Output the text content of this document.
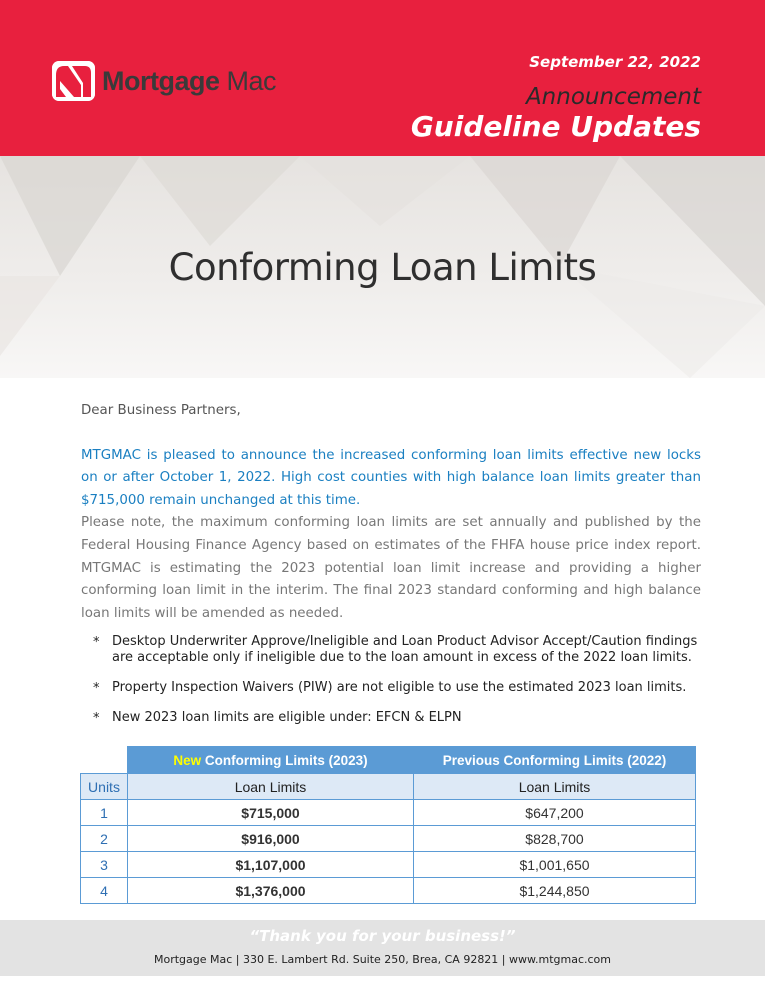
Mortgage Mac
September 22, 2022
Announcement
Guideline Updates
Conforming Loan Limits

Dear Business Partners,

MTGMAC is pleased to announce the increased conforming loan limits effective new locks on or after October 1, 2022. High cost counties with high balance loan limits greater than $715,000 remain unchanged at this time.

Please note, the maximum conforming loan limits are set annually and published by the Federal Housing Finance Agency based on estimates of the FHFA house price index report. MTGMAC is estimating the 2023 potential loan limit increase and providing a higher conforming loan limit in the interim. The final 2023 standard conforming and high balance loan limits will be amended as needed.

* Desktop Underwriter Approve/Ineligible and Loan Product Advisor Accept/Caution findings are acceptable only if ineligible due to the loan amount in excess of the 2022 loan limits.
* Property Inspection Waivers (PIW) are not eligible to use the estimated 2023 loan limits.
* New 2023 loan limits are eligible under: EFCN & ELPN
	New Conforming Limits (2023)	Previous Conforming Limits (2022)
Units	Loan Limits	Loan Limits
1	$715,000	$647,200
2	$916,000	$828,700
3	$1,107,000	$1,001,650
4	$1,376,000	$1,244,850
“Thank you for your business!”
Mortgage Mac | 330 E. Lambert Rd. Suite 250, Brea, CA 92821 | www.mtgmac.com
